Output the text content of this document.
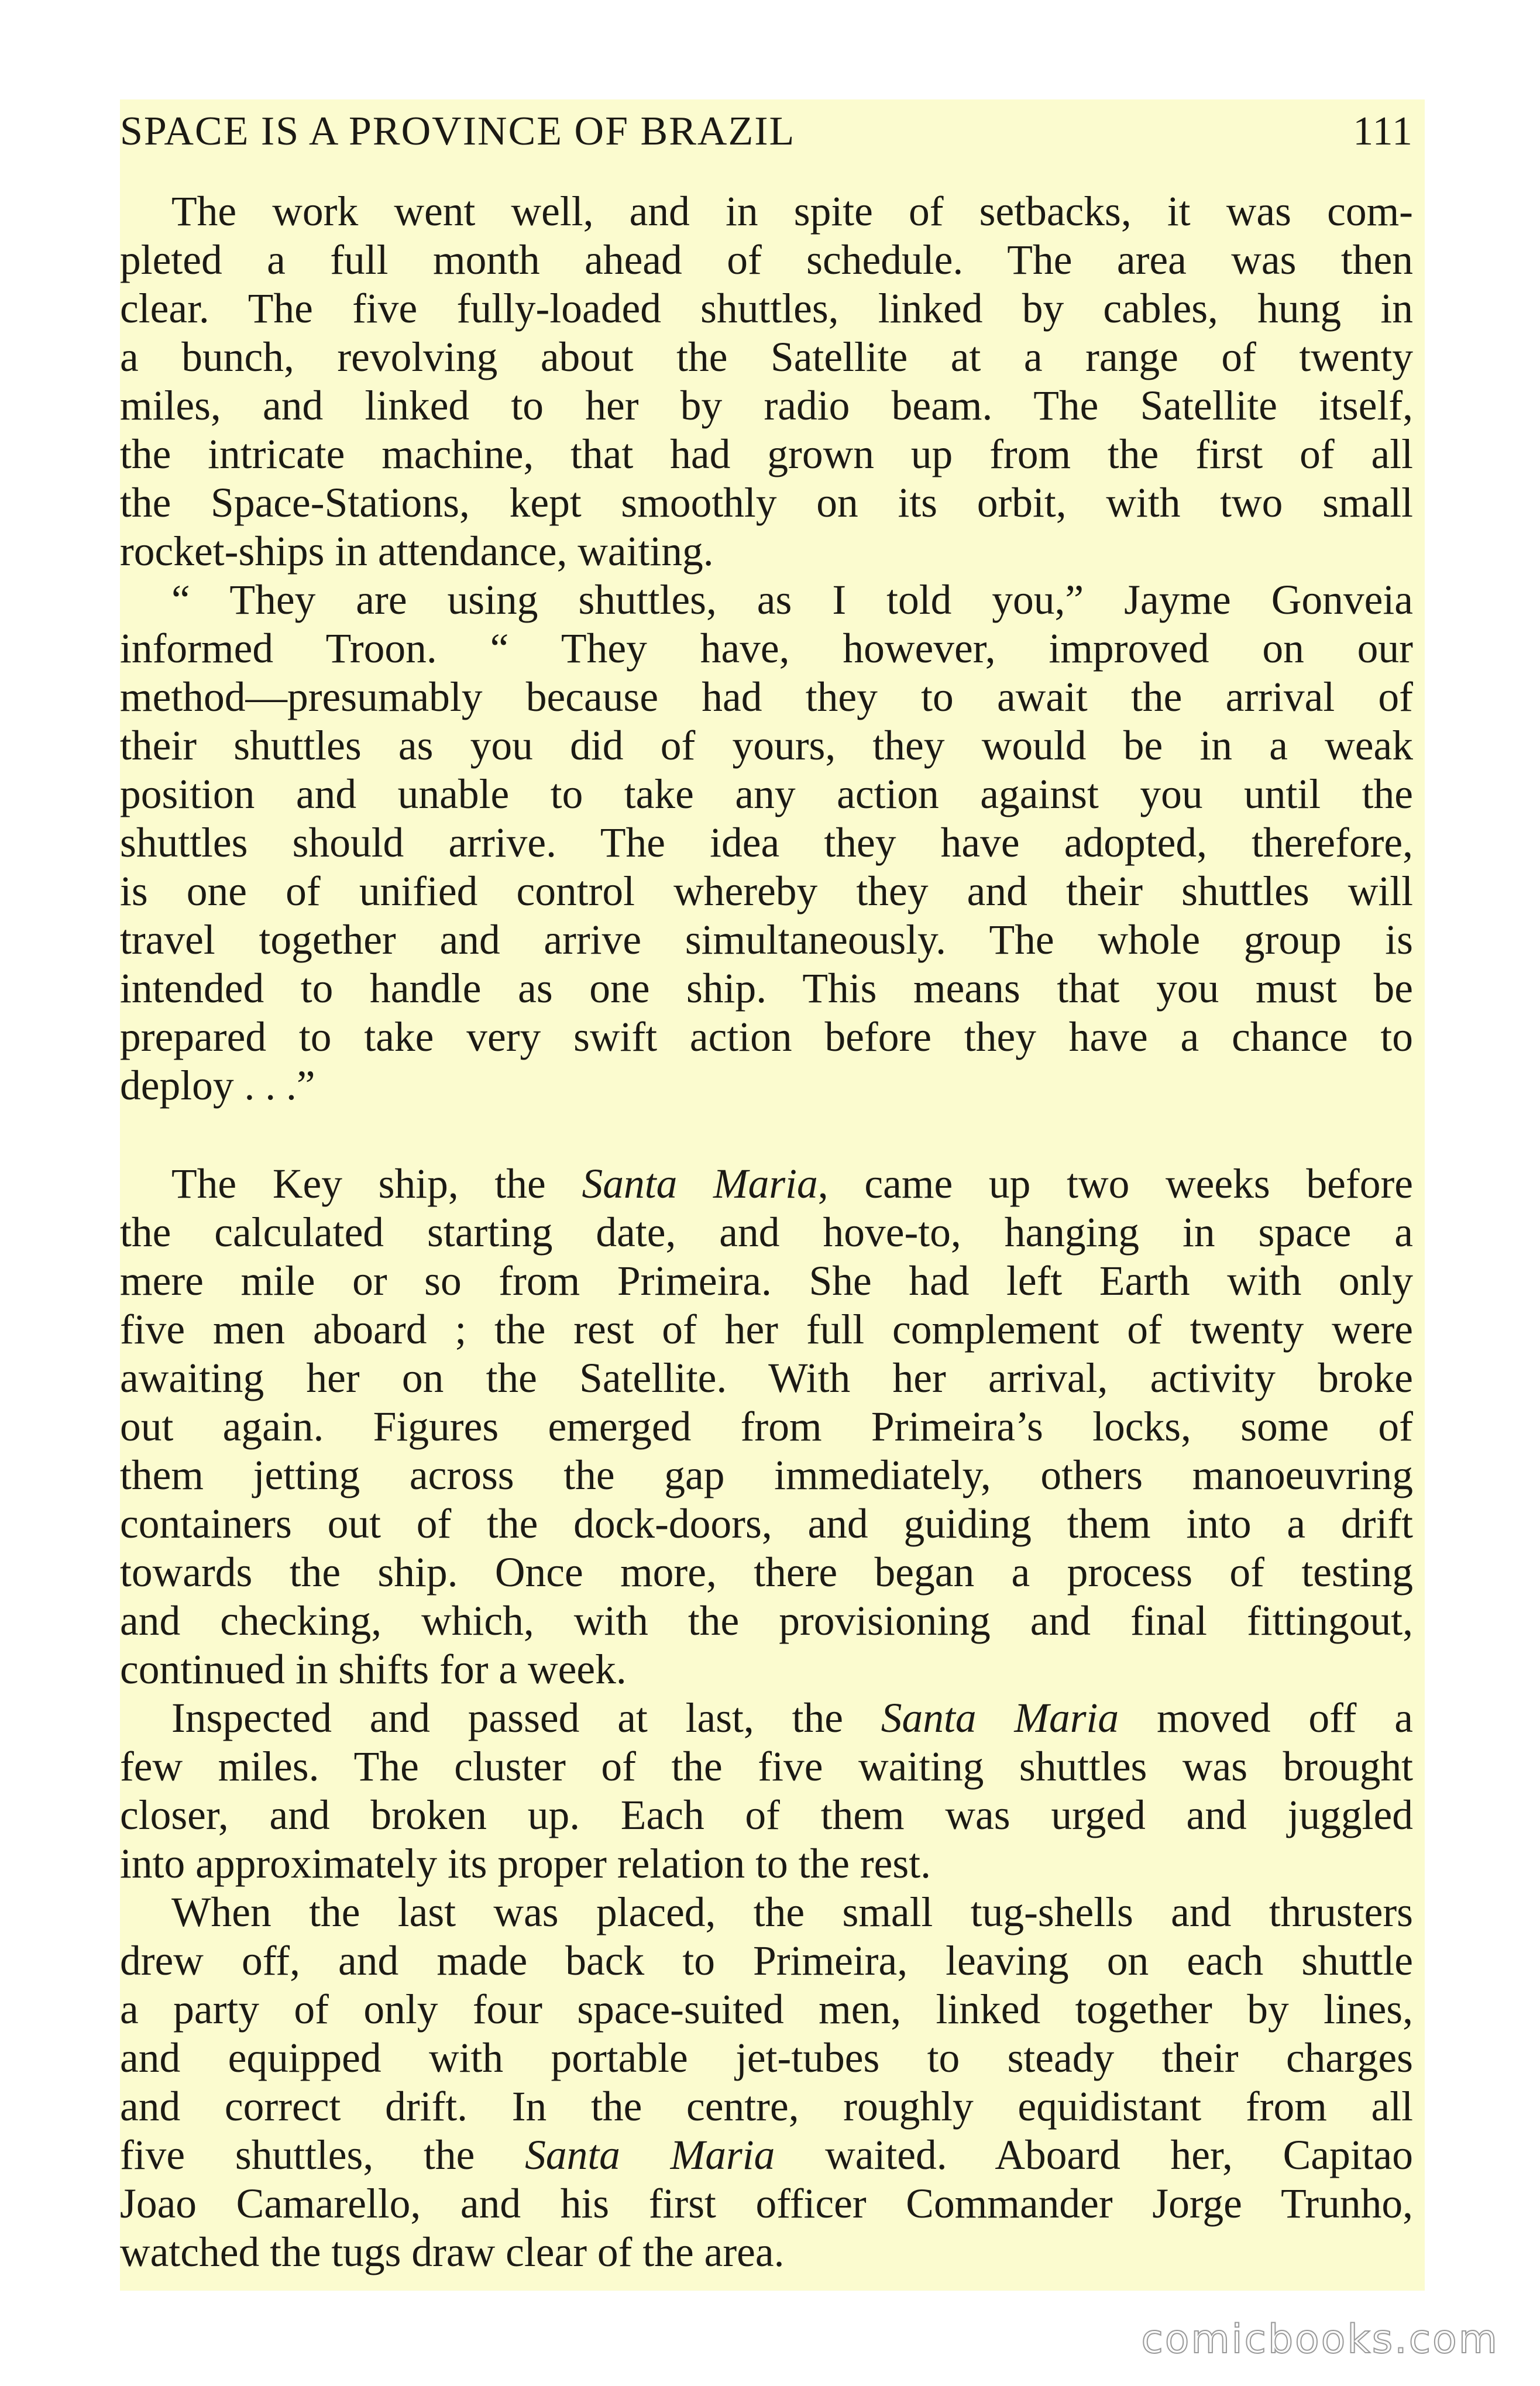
SPACE IS A PROVINCE OF BRAZIL	111
The work went well, and in spite of setbacks, it was com-
pleted a full month ahead of schedule. The area was then
clear. The five fully-loaded shuttles, linked by cables, hung in
a bunch, revolving about the Satellite at a range of twenty
miles, and linked to her by radio beam. The Satellite itself,
the intricate machine, that had grown up from the first of all
the Space-Stations, kept smoothly on its orbit, with two small
rocket-ships in attendance, waiting.
“ They are using shuttles, as I told you,” Jayme Gonveia
informed Troon. “ They have, however, improved on our
method—presumably because had they to await the arrival of
their shuttles as you did of yours, they would be in a weak
position and unable to take any action against you until the
shuttles should arrive. The idea they have adopted, therefore,
is one of unified control whereby they and their shuttles will
travel together and arrive simultaneously. The whole group is
intended to handle as one ship. This means that you must be
prepared to take very swift action before they have a chance to
deploy . . .”
The Key ship, the Santa Maria, came up two weeks before
the calculated starting date, and hove-to, hanging in space a
mere mile or so from Primeira. She had left Earth with only
five men aboard ; the rest of her full complement of twenty were
awaiting her on the Satellite. With her arrival, activity broke
out again. Figures emerged from Primeira’s locks, some of
them jetting across the gap immediately, others manoeuvring
containers out of the dock-doors, and guiding them into a drift
towards the ship. Once more, there began a process of testing
and checking, which, with the provisioning and final fittingout,
continued in shifts for a week.
Inspected and passed at last, the Santa Maria moved off a
few miles. The cluster of the five waiting shuttles was brought
closer, and broken up. Each of them was urged and juggled
into approximately its proper relation to the rest.
When the last was placed, the small tug-shells and thrusters
drew off, and made back to Primeira, leaving on each shuttle
a party of only four space-suited men, linked together by lines,
and equipped with portable jet-tubes to steady their charges
and correct drift. In the centre, roughly equidistant from all
five shuttles, the Santa Maria waited. Aboard her, Capitao
Joao Camarello, and his first officer Commander Jorge Trunho,
watched the tugs draw clear of the area.
comicbooks.com
